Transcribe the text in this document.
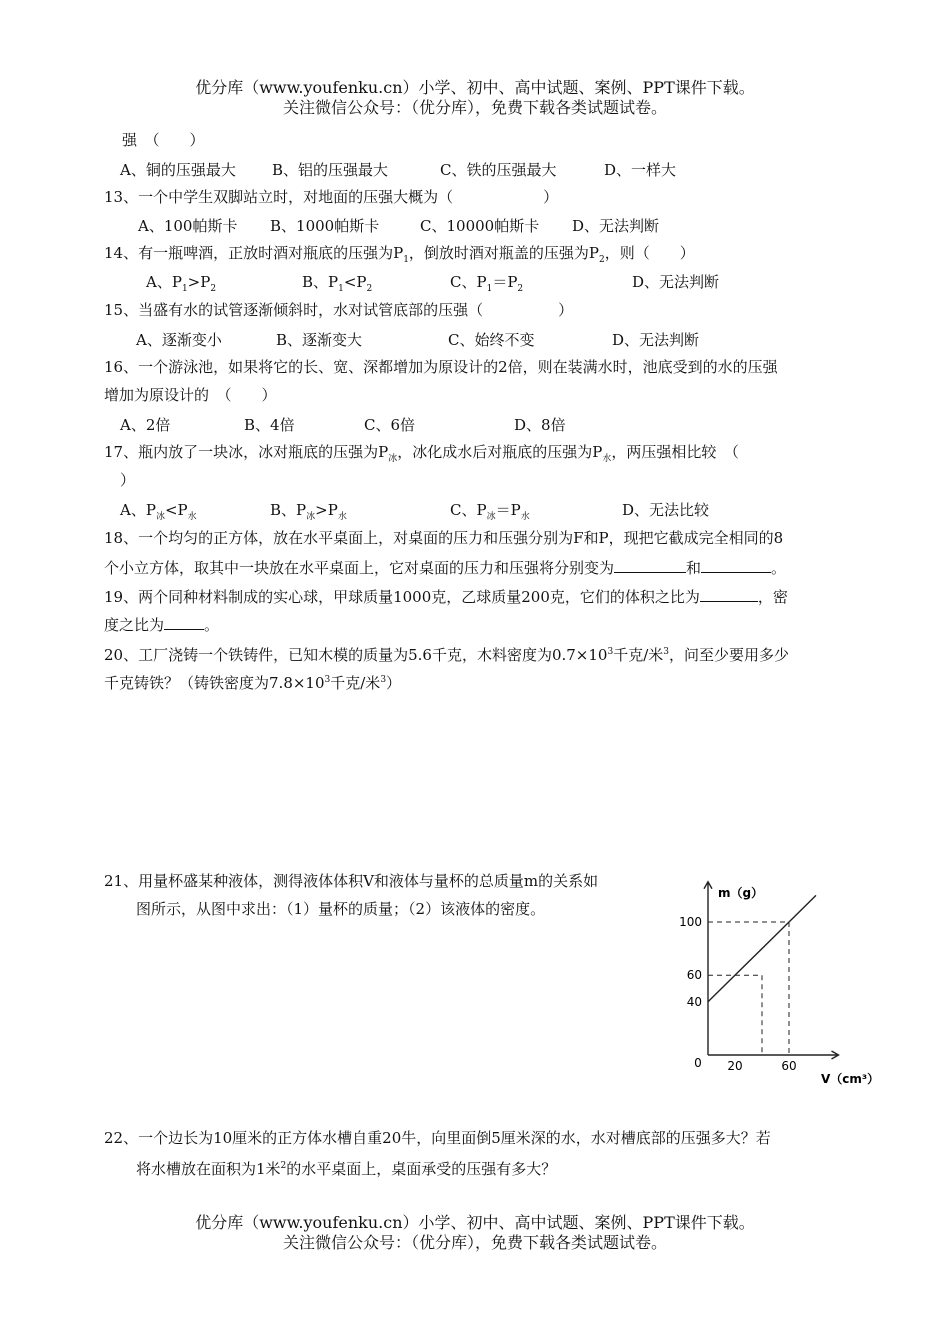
优分库（www.youfenku.cn）小学、初中、高中试题、案例、PPT课件下载。
关注微信公众号：（优分库），免费下载各类试题试卷。
强　（　　）
A、铜的压强最大 B、铝的压强最大	C、铁的压强最大	D、一样大
13、一个中学生双脚站立时，对地面的压强大概为（　　　　　　）
A、100帕斯卡 B、1000帕斯卡	C、10000帕斯卡 D、无法判断
14、有一瓶啤酒，正放时酒对瓶底的压强为$P_1$，倒放时酒对瓶盖的压强为$P_2$，则（　　）
A、$P_1>P_2$	B、$P_1<P_2$	C、$P_1=P_2$	D、无法判断
15、当盛有水的试管逐渐倾斜时，水对试管底部的压强（　　　　　）
A、逐渐变小	B、逐渐变大	C、始终不变	D、无法判断
16、一个游泳池，如果将它的长、宽、深都增加为原设计的2倍，则在装满水时，池底受到的水的压强
增加为原设计的　（　　）
A、2倍	B、4倍	C、6倍	D、8倍
17、瓶内放了一块冰，冰对瓶底的压强为$P_冰$，冰化成水后对瓶底的压强为$P_水$，两压强相比较　（
）
A、$P_冰<P_水$	B、$P_冰>P_水$	C、$P_冰=P_水$	D、无法比较
18、一个均匀的正方体，放在水平桌面上，对桌面的压力和压强分别为F和P，现把它截成完全相同的8
个小立方体，取其中一块放在水平桌面上，它对桌面的压力和压强将分别变为	和	。
19、两个同种材料制成的实心球，甲球质量1000克，乙球质量200克，它们的体积之比为	，密
度之比为	。
20、工厂浇铸一个铁铸件，已知木模的质量为5.6千克，木料密度为$0.7\times 10^3$千克/米$^3$，问至少要用多少
千克铸铁？（铸铁密度为$7.8\times 10^3$千克/米$^3$）
21、用量杯盛某种液体，测得液体体积V和液体与量杯的总质量m的关系如
图所示，从图中求出：（1）量杯的质量；（2）该液体的密度。
0 20	60
40
60
100
m（g）
V（cm³）
22、一个边长为10厘米的正方体水槽自重20牛，向里面倒5厘米深的水，水对槽底部的压强多大？若
将水槽放在面积为1米$^2$的水平桌面上，桌面承受的压强有多大？
优分库（www.youfenku.cn）小学、初中、高中试题、案例、PPT课件下载。
关注微信公众号：（优分库），免费下载各类试题试卷。
